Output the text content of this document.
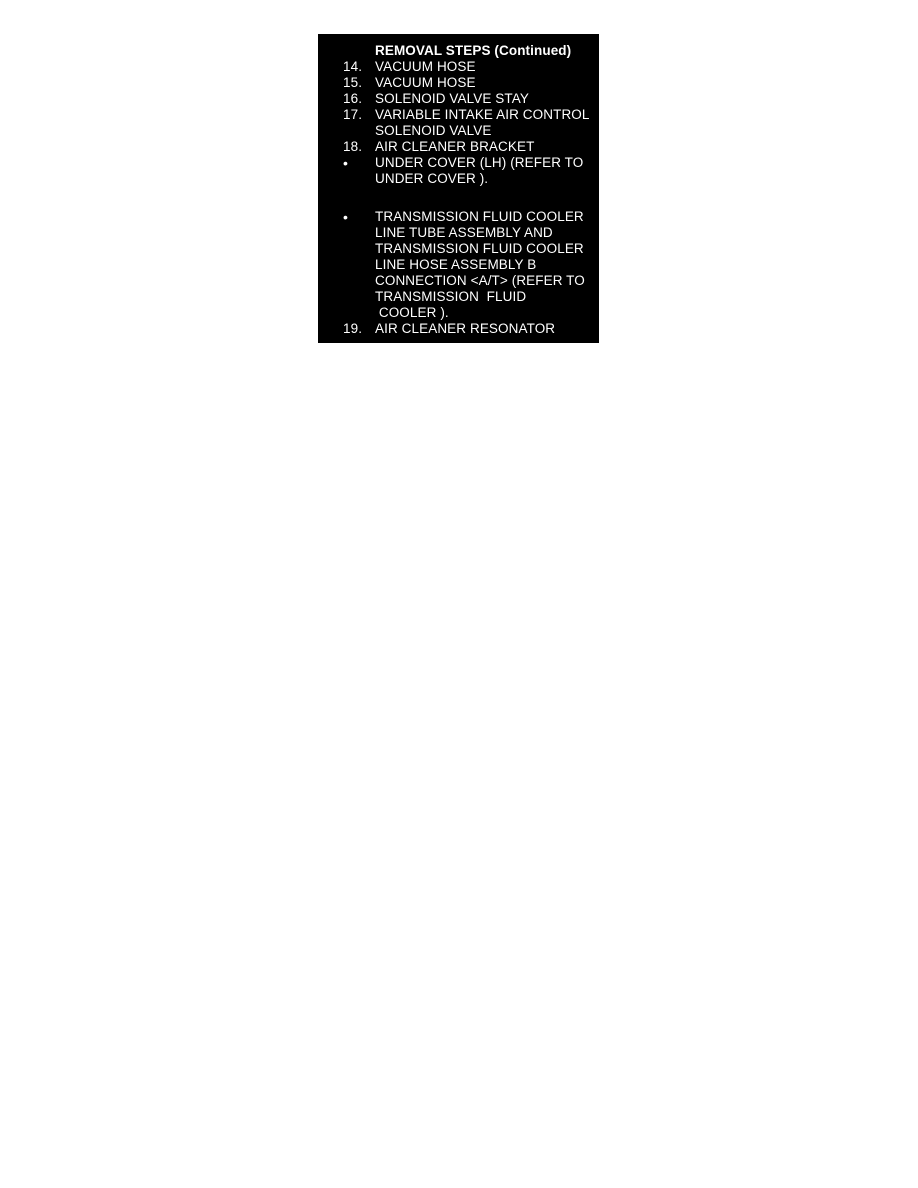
REMOVAL STEPS (Continued)
14. VACUUM HOSE
15. VACUUM HOSE
16. SOLENOID VALVE STAY
17. VARIABLE INTAKE AIR CONTROL
SOLENOID VALVE
18. AIR CLEANER BRACKET
•	UNDER COVER (LH) (REFER TO
UNDER COVER ).
•	TRANSMISSION FLUID COOLER
LINE TUBE ASSEMBLY AND
TRANSMISSION FLUID COOLER
LINE HOSE ASSEMBLY B
CONNECTION <A/T> (REFER TO
TRANSMISSION  FLUID
COOLER ).
19. AIR CLEANER RESONATOR
